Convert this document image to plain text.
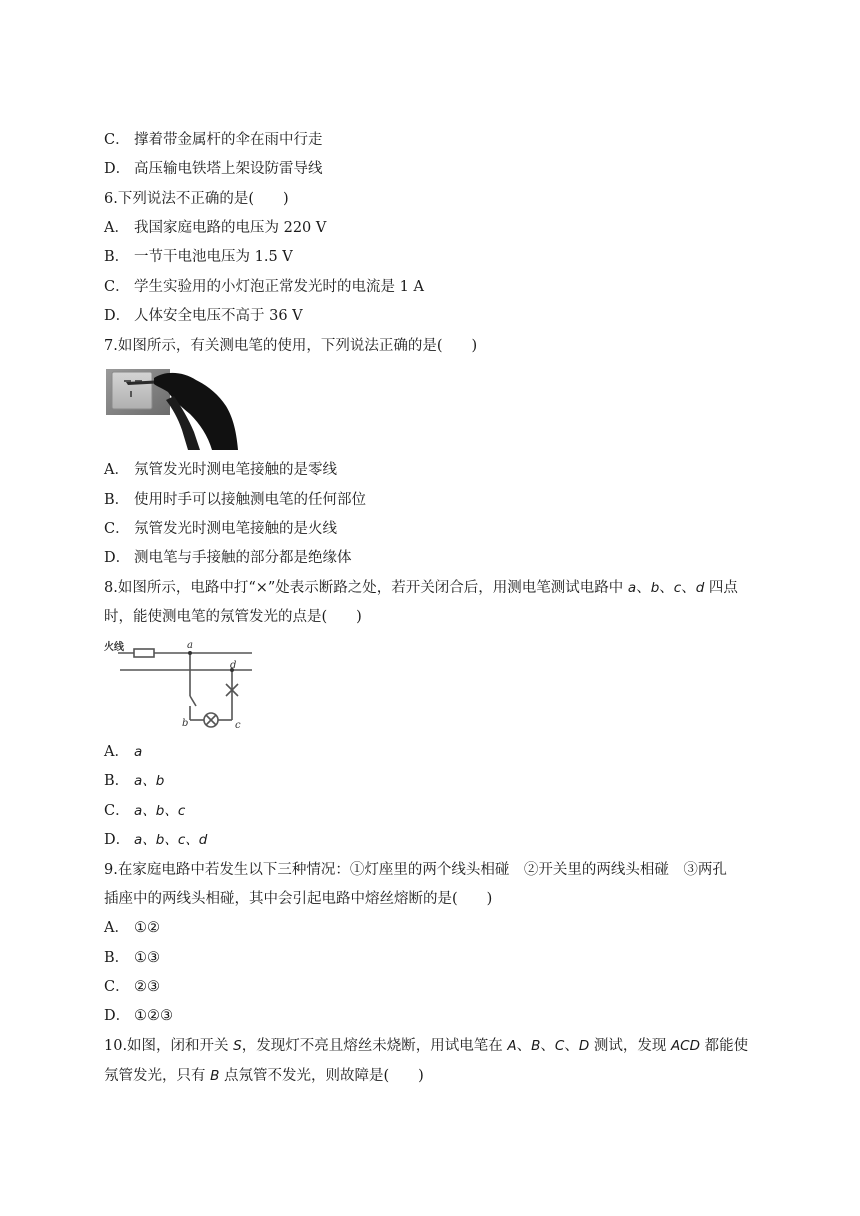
C． 撑着带金属杆的伞在雨中行走
D． 高压输电铁塔上架设防雷导线
6.下列说法不正确的是(　　)
A． 我国家庭电路的电压为 220 V
B． 一节干电池电压为 1.5 V
C． 学生实验用的小灯泡正常发光时的电流是 1 A
D． 人体安全电压不高于 36 V
7.如图所示，有关测电笔的使用，下列说法正确的是(　　)
A． 氖管发光时测电笔接触的是零线
B． 使用时手可以接触测电笔的任何部位
C． 氖管发光时测电笔接触的是火线
D． 测电笔与手接触的部分都是绝缘体
8.如图所示，电路中打“×”处表示断路之处，若开关闭合后，用测电笔测试电路中 a、b、c、d 四点
时，能使测电笔的氖管发光的点是(　　)
火线	a
b	c
d
A． a
B． a、b
C． a、b、c
D． a、b、c、d
9.在家庭电路中若发生以下三种情况：①灯座里的两个线头相碰　②开关里的两线头相碰　③两孔
插座中的两线头相碰，其中会引起电路中熔丝熔断的是(　　)
A． ①②
B． ①③
C． ②③
D． ①②③
10.如图，闭和开关 S，发现灯不亮且熔丝未烧断，用试电笔在 A、B、C、D 测试，发现 ACD 都能使
氖管发光，只有 B 点氖管不发光，则故障是(　　)
